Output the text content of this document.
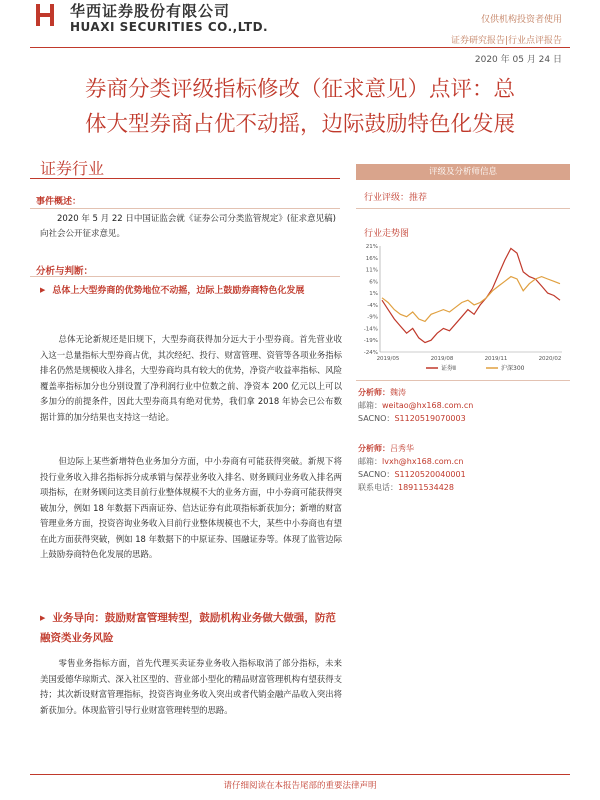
华西证券股份有限公司
HUAXI SECURITIES CO.,LTD.	仅供机构投资者使用
证券研究报告|行业点评报告
2020 年 05 月 24 日
券商分类评级指标修改（征求意见）点评：总
体大型券商占优不动摇，边际鼓励特色化发展
证券行业	评级及分析师信息
行业评级：推荐
行业走势图
21%
16%
11%
6%
1%
-4%
-9%
-14%
-19%
-24%
2019/05	2019/08	2019/11	2020/02
证券Ⅱ	沪深300
分析师：魏涛
邮箱：weitao@hx168.com.cn
SACNO：S1120519070003
分析师：吕秀华
邮箱：lvxh@hx168.com.cn
SACNO：S1120520040001
联系电话：18911534428
事件概述：
2020 年 5 月 22 日中国证监会就《证券公司分类监管规定》(征求意见稿)向社会公开征求意见。
分析与判断：
▶ 总体上大型券商的优势地位不动摇，边际上鼓励券商特色化发展
总体无论新规还是旧规下，大型券商获得加分远大于小型券商。首先营业收入这一总量指标大型券商占优，其次经纪、投行、财富管理、资管等各项业务指标排名仍然是规模收入排名，大型券商均具有较大的优势，净资产收益率指标、风险覆盖率指标加分也分别设置了净利润行业中位数之前、净资本 200 亿元以上可以多加分的前提条件，因此大型券商具有绝对优势，我们拿 2018 年协会已公布数据计算的加分结果也支持这一结论。
但边际上某些新增特色业务加分方面，中小券商有可能获得突破。新规下将投行业务收入排名指标拆分成承销与保荐业务收入排名、财务顾问业务收入排名两项指标，在财务顾问这类目前行业整体规模不大的业务方面，中小券商可能获得突破加分，例如 18 年数据下西南证券、信达证券有此项指标新获加分；新增的财富管理业务方面，投资咨询业务收入目前行业整体规模也不大，某些中小券商也有望在此方面获得突破，例如 18 年数据下的中原证券、国融证券等。体现了监管边际上鼓励券商特色化发展的思路。
▶ 业务导向：鼓励财富管理转型，鼓励机构业务做大做强，防范融资类业务风险
零售业务指标方面，首先代理买卖证券业务收入指标取消了部分指标，未来美国爱德华琼斯式、深入社区型的、营业部小型化的精品财富管理机构有望获得支持；其次新设财富管理指标，投资咨询业务收入突出或者代销金融产品收入突出将新获加分。体现监管引导行业财富管理转型的思路。
请仔细阅读在本报告尾部的重要法律声明
